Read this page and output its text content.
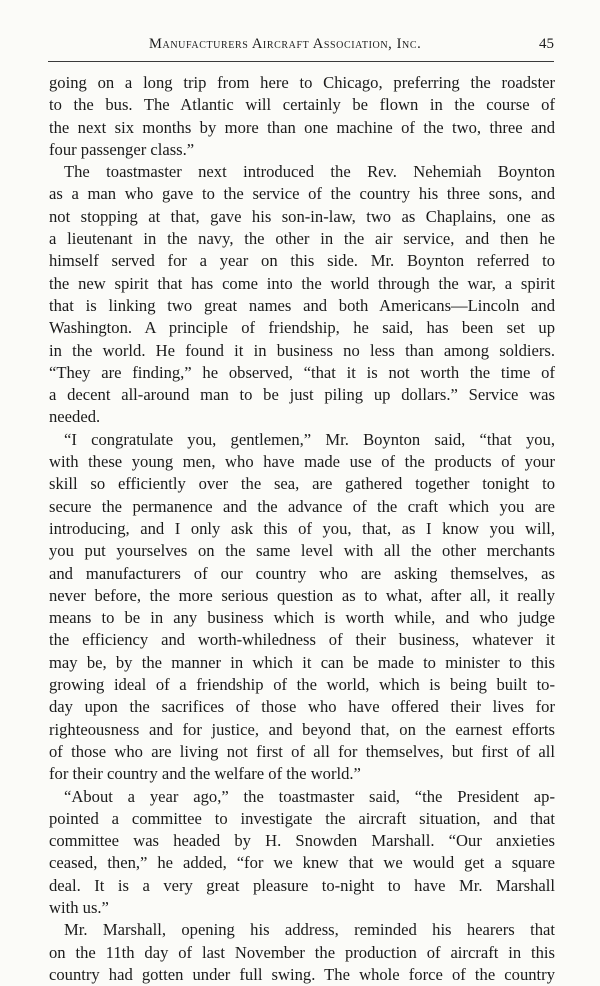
Manufacturers Aircraft Association, Inc.	45
going on a long trip from here to Chicago, preferring the roadster
to the bus. The Atlantic will certainly be flown in the course of
the next six months by more than one machine of the two, three and
four passenger class.”
The toastmaster next introduced the Rev. Nehemiah Boynton
as a man who gave to the service of the country his three sons, and
not stopping at that, gave his son-in-law, two as Chaplains, one as
a lieutenant in the navy, the other in the air service, and then he
himself served for a year on this side. Mr. Boynton referred to
the new spirit that has come into the world through the war, a spirit
that is linking two great names and both Americans—Lincoln and
Washington. A principle of friendship, he said, has been set up
in the world. He found it in business no less than among soldiers.
“They are finding,” he observed, “that it is not worth the time of
a decent all-around man to be just piling up dollars.” Service was
needed.
“I congratulate you, gentlemen,” Mr. Boynton said, “that you,
with these young men, who have made use of the products of your
skill so efficiently over the sea, are gathered together tonight to
secure the permanence and the advance of the craft which you are
introducing, and I only ask this of you, that, as I know you will,
you put yourselves on the same level with all the other merchants
and manufacturers of our country who are asking themselves, as
never before, the more serious question as to what, after all, it really
means to be in any business which is worth while, and who judge
the efficiency and worth-whiledness of their business, whatever it
may be, by the manner in which it can be made to minister to this
growing ideal of a friendship of the world, which is being built to-
day upon the sacrifices of those who have offered their lives for
righteousness and for justice, and beyond that, on the earnest efforts
of those who are living not first of all for themselves, but first of all
for their country and the welfare of the world.”
“About a year ago,” the toastmaster said, “the President ap-
pointed a committee to investigate the aircraft situation, and that
committee was headed by H. Snowden Marshall. “Our anxieties
ceased, then,” he added, “for we knew that we would get a square
deal. It is a very great pleasure to-night to have Mr. Marshall
with us.”
Mr. Marshall, opening his address, reminded his hearers that
on the 11th day of last November the production of aircraft in this
country had gotten under full swing. The whole force of the country
